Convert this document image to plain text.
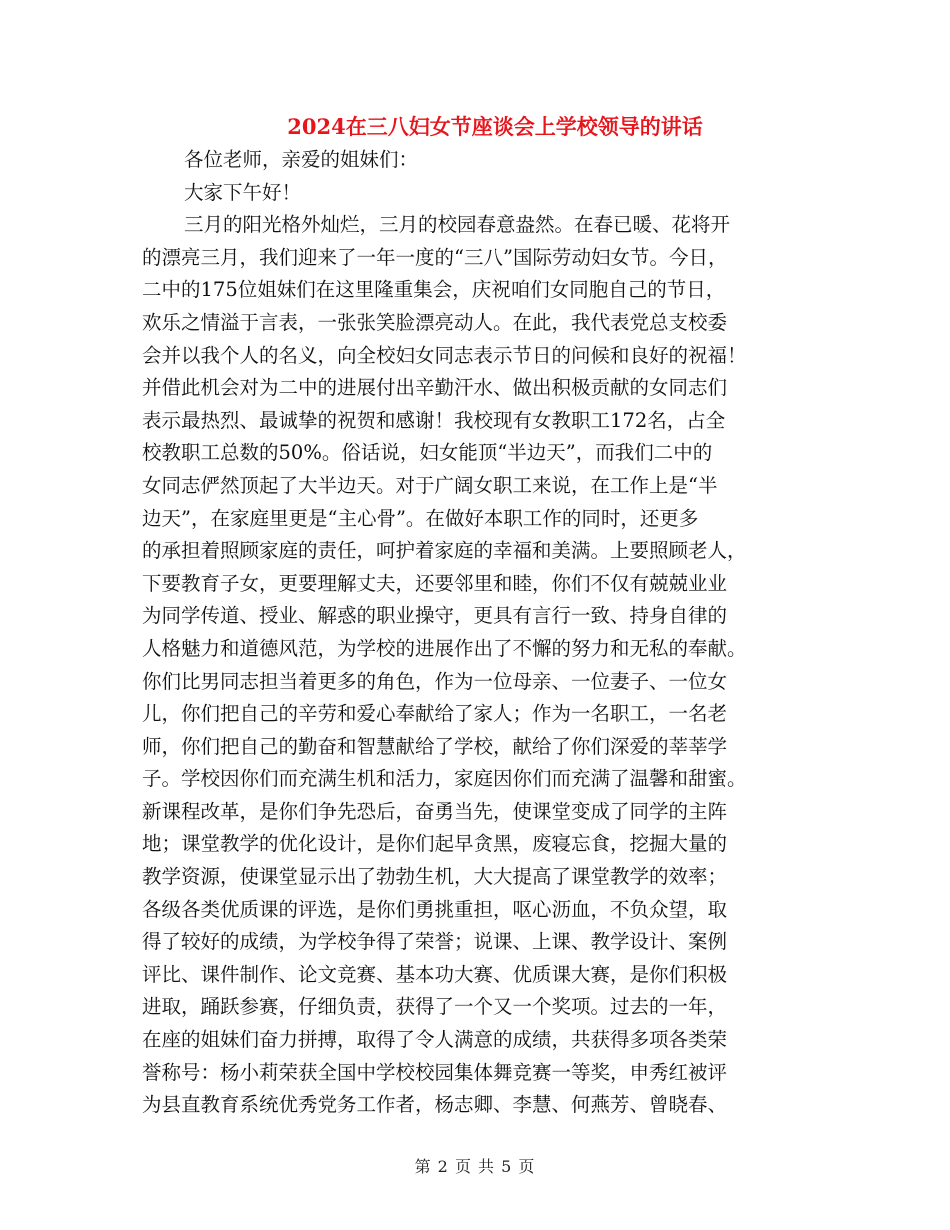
2024在三八妇女节座谈会上学校领导的讲话
各位老师，亲爱的姐妹们：
大家下午好！
三月的阳光格外灿烂，三月的校园春意盎然。在春已暖、花将开
的漂亮三月，我们迎来了一年一度的“三八”国际劳动妇女节。今日，
二中的175位姐妹们在这里隆重集会，庆祝咱们女同胞自己的节日，
欢乐之情溢于言表，一张张笑脸漂亮动人。在此，我代表党总支校委
会并以我个人的名义，向全校妇女同志表示节日的问候和良好的祝福！
并借此机会对为二中的进展付出辛勤汗水、做出积极贡献的女同志们
表示最热烈、最诚挚的祝贺和感谢！我校现有女教职工172名，占全
校教职工总数的50%。俗话说，妇女能顶“半边天”，而我们二中的
女同志俨然顶起了大半边天。对于广阔女职工来说，在工作上是“半
边天”，在家庭里更是“主心骨”。在做好本职工作的同时，还更多
的承担着照顾家庭的责任，呵护着家庭的幸福和美满。上要照顾老人，
下要教育子女，更要理解丈夫，还要邻里和睦，你们不仅有兢兢业业
为同学传道、授业、解惑的职业操守，更具有言行一致、持身自律的
人格魅力和道德风范，为学校的进展作出了不懈的努力和无私的奉献。
你们比男同志担当着更多的角色，作为一位母亲、一位妻子、一位女
儿，你们把自己的辛劳和爱心奉献给了家人；作为一名职工，一名老
师，你们把自己的勤奋和智慧献给了学校，献给了你们深爱的莘莘学
子。学校因你们而充满生机和活力，家庭因你们而充满了温馨和甜蜜。
新课程改革，是你们争先恐后，奋勇当先，使课堂变成了同学的主阵
地；课堂教学的优化设计，是你们起早贪黑，废寝忘食，挖掘大量的
教学资源，使课堂显示出了勃勃生机，大大提高了课堂教学的效率；
各级各类优质课的评选，是你们勇挑重担，呕心沥血，不负众望，取
得了较好的成绩，为学校争得了荣誉；说课、上课、教学设计、案例
评比、课件制作、论文竞赛、基本功大赛、优质课大赛，是你们积极
进取，踊跃参赛，仔细负责，获得了一个又一个奖项。过去的一年，
在座的姐妹们奋力拼搏，取得了令人满意的成绩，共获得多项各类荣
誉称号：杨小莉荣获全国中学校校园集体舞竞赛一等奖，申秀红被评
为县直教育系统优秀党务工作者，杨志卿、李慧、何燕芳、曾晓春、
第 2 页 共 5 页
